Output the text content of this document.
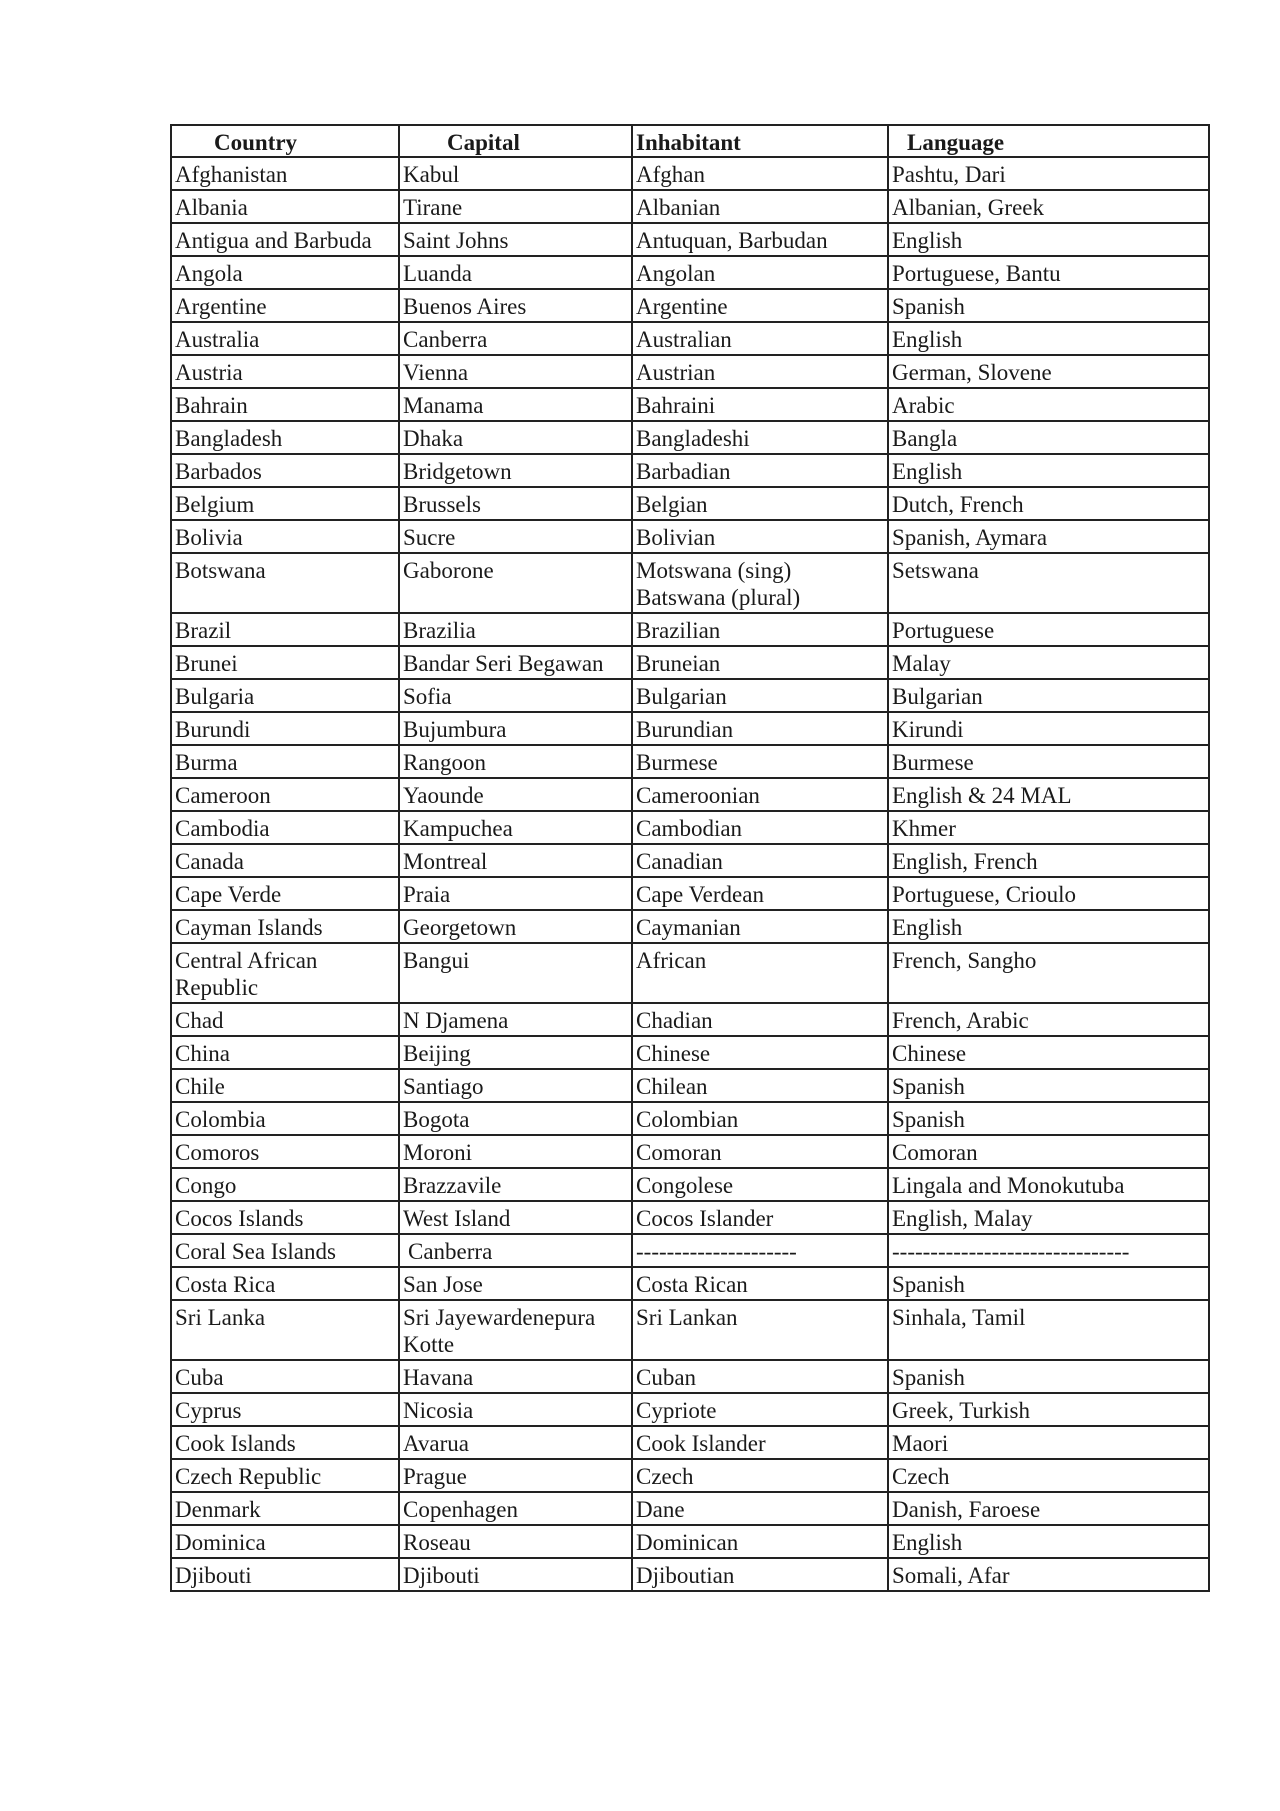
Country	Capital	Inhabitant	Language
Afghanistan	Kabul	Afghan	Pashtu, Dari
Albania	Tirane	Albanian	Albanian, Greek
Antigua and Barbuda	Saint Johns	Antuquan, Barbudan	English
Angola	Luanda	Angolan	Portuguese, Bantu
Argentine	Buenos Aires	Argentine	Spanish
Australia	Canberra	Australian	English
Austria	Vienna	Austrian	German, Slovene
Bahrain	Manama	Bahraini	Arabic
Bangladesh	Dhaka	Bangladeshi	Bangla
Barbados	Bridgetown	Barbadian	English
Belgium	Brussels	Belgian	Dutch, French
Bolivia	Sucre	Bolivian	Spanish, Aymara
Botswana	Gaborone	Motswana (sing) Batswana (plural)	Setswana
Brazil	Brazilia	Brazilian	Portuguese
Brunei	Bandar Seri Begawan	Bruneian	Malay
Bulgaria	Sofia	Bulgarian	Bulgarian
Burundi	Bujumbura	Burundian	Kirundi
Burma	Rangoon	Burmese	Burmese
Cameroon	Yaounde	Cameroonian	English & 24 MAL
Cambodia	Kampuchea	Cambodian	Khmer
Canada	Montreal	Canadian	English, French
Cape Verde	Praia	Cape Verdean	Portuguese, Crioulo
Cayman Islands	Georgetown	Caymanian	English
Central African Republic	Bangui	African	French, Sangho
Chad	N Djamena	Chadian	French, Arabic
China	Beijing	Chinese	Chinese
Chile	Santiago	Chilean	Spanish
Colombia	Bogota	Colombian	Spanish
Comoros	Moroni	Comoran	Comoran
Congo	Brazzavile	Congolese	Lingala and Monokutuba
Cocos Islands	West Island	Cocos Islander	English, Malay
Coral Sea Islands	Canberra	---------------------	-------------------------------
Costa Rica	San Jose	Costa Rican	Spanish
Sri Lanka	Sri Jayewardenepura Kotte	Sri Lankan	Sinhala, Tamil
Cuba	Havana	Cuban	Spanish
Cyprus	Nicosia	Cypriote	Greek, Turkish
Cook Islands	Avarua	Cook Islander	Maori
Czech Republic	Prague	Czech	Czech
Denmark	Copenhagen	Dane	Danish, Faroese
Dominica	Roseau	Dominican	English
Djibouti	Djibouti	Djiboutian	Somali, Afar
